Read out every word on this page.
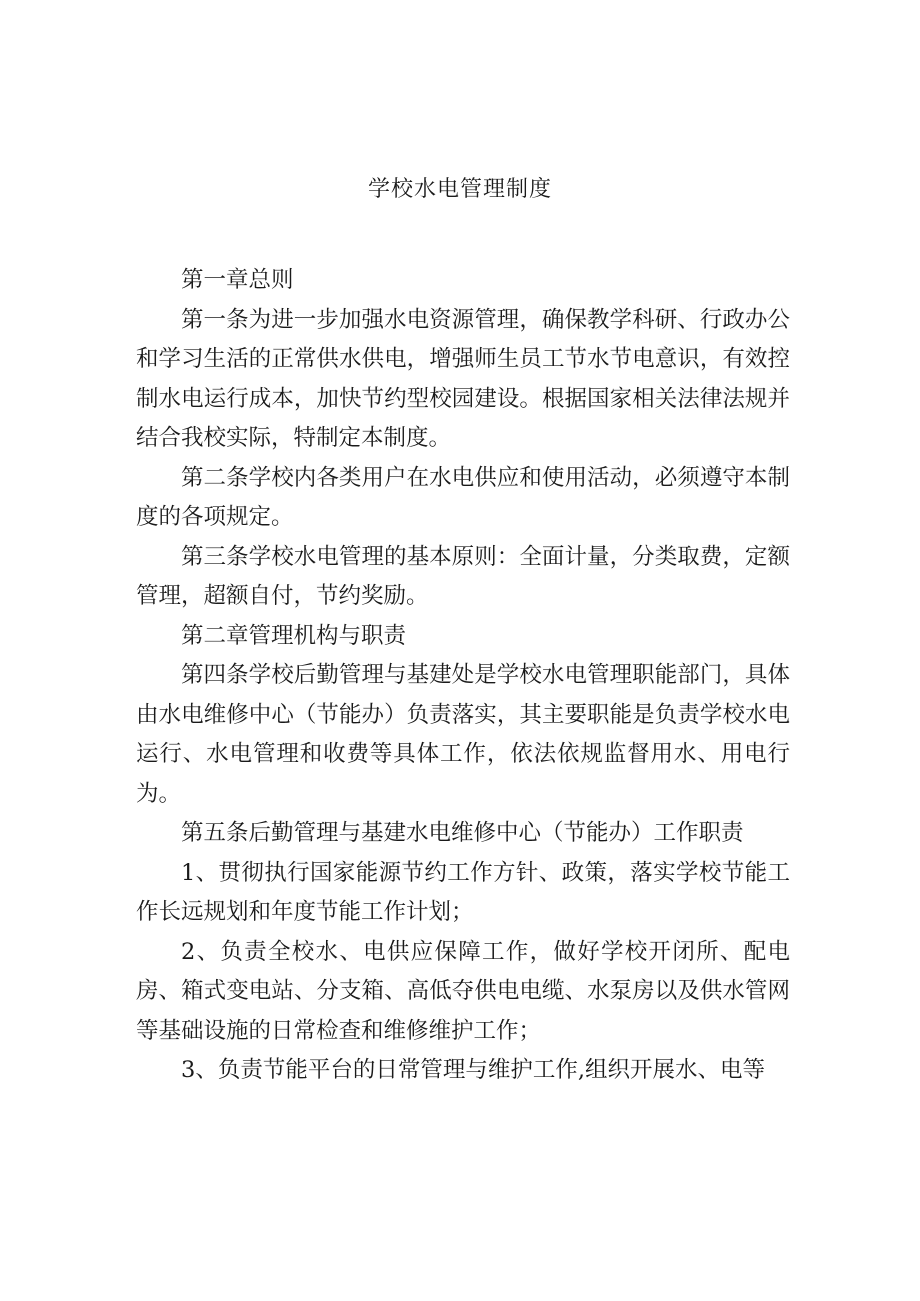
学校水电管理制度

第一章总则

第一条为进一步加强水电资源管理，确保教学科研、行政办公和学习生活的正常供水供电，增强师生员工节水节电意识，有效控制水电运行成本，加快节约型校园建设。根据国家相关法律法规并结合我校实际，特制定本制度。

第二条学校内各类用户在水电供应和使用活动，必须遵守本制度的各项规定。

第三条学校水电管理的基本原则：全面计量，分类取费，定额管理，超额自付，节约奖励。

第二章管理机构与职责

第四条学校后勤管理与基建处是学校水电管理职能部门，具体由水电维修中心（节能办）负责落实，其主要职能是负责学校水电运行、水电管理和收费等具体工作，依法依规监督用水、用电行为。

第五条后勤管理与基建水电维修中心（节能办）工作职责

1、贯彻执行国家能源节约工作方针、政策，落实学校节能工作长远规划和年度节能工作计划；

2、负责全校水、电供应保障工作，做好学校开闭所、配电房、箱式变电站、分支箱、高低夺供电电缆、水泵房以及供水管网等基础设施的日常检查和维修维护工作；

3、负责节能平台的日常管理与维护工作,组织开展水、电等
